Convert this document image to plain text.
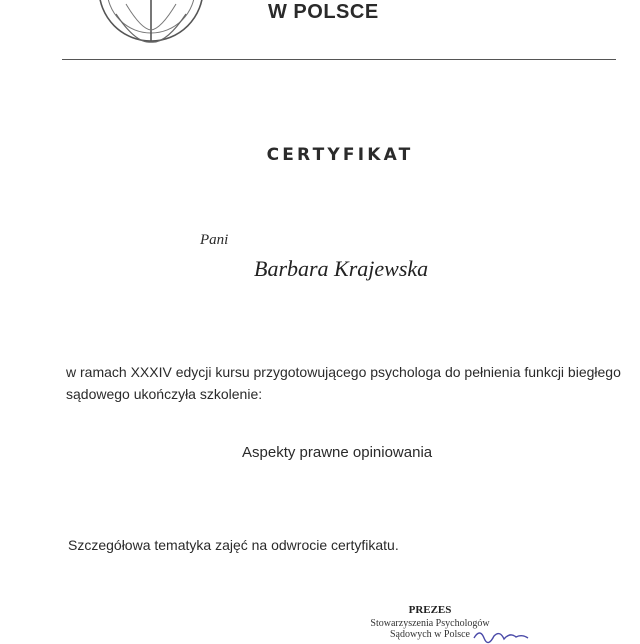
W POLSCE
CERTYFIKAT
Pani
Barbara Krajewska
w ramach XXXIV edycji kursu przygotowującego psychologa do pełnienia funkcji biegłego sądowego ukończyła szkolenie:
Aspekty prawne opiniowania
Szczegółowa tematyka zajęć na odwrocie certyfikatu.
PREZES
Stowarzyszenia Psychologów
Sądowych w Polsce
